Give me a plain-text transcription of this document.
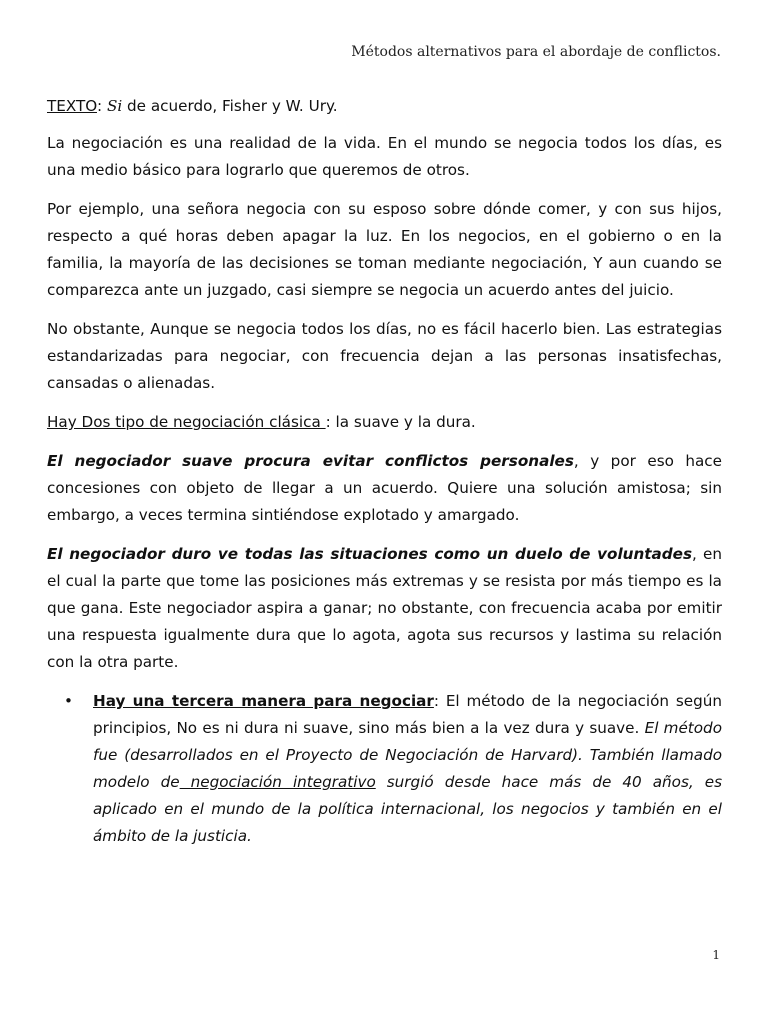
Métodos alternativos para el abordaje de conflictos.

TEXTO: Si de acuerdo, Fisher y W. Ury.

La negociación es una realidad de la vida. En el mundo se negocia todos los días, es una medio básico para lograrlo que queremos de otros.

Por ejemplo, una señora negocia con su esposo sobre dónde comer, y con sus hijos, respecto a qué horas deben apagar la luz. En los negocios, en el gobierno o en la familia, la mayoría de las decisiones se toman mediante negociación, Y aun cuando se comparezca ante un juzgado, casi siempre se negocia un acuerdo antes del juicio.

No obstante, Aunque se negocia todos los días, no es fácil hacerlo bien. Las estrategias estandarizadas para negociar, con frecuencia dejan a las personas insatisfechas, cansadas o alienadas.

Hay Dos tipo de negociación clásica : la suave y la dura.

El negociador suave procura evitar conflictos personales, y por eso hace concesiones con objeto de llegar a un acuerdo. Quiere una solución amistosa; sin embargo, a veces termina sintiéndose explotado y amargado.

El negociador duro ve todas las situaciones como un duelo de voluntades, en el cual la parte que tome las posiciones más extremas y se resista por más tiempo es la que gana. Este negociador aspira a ganar; no obstante, con frecuencia acaba por emitir una respuesta igualmente dura que lo agota, agota sus recursos y lastima su relación con la otra parte.

• Hay una tercera manera para negociar: El método de la negociación según principios, No es ni dura ni suave, sino más bien a la vez dura y suave. El método fue (desarrollados en el Proyecto de Negociación de Harvard). También llamado modelo de negociación integrativo surgió desde hace más de 40 años, es aplicado en el mundo de la política internacional, los negocios y también en el ámbito de la justicia.
1
